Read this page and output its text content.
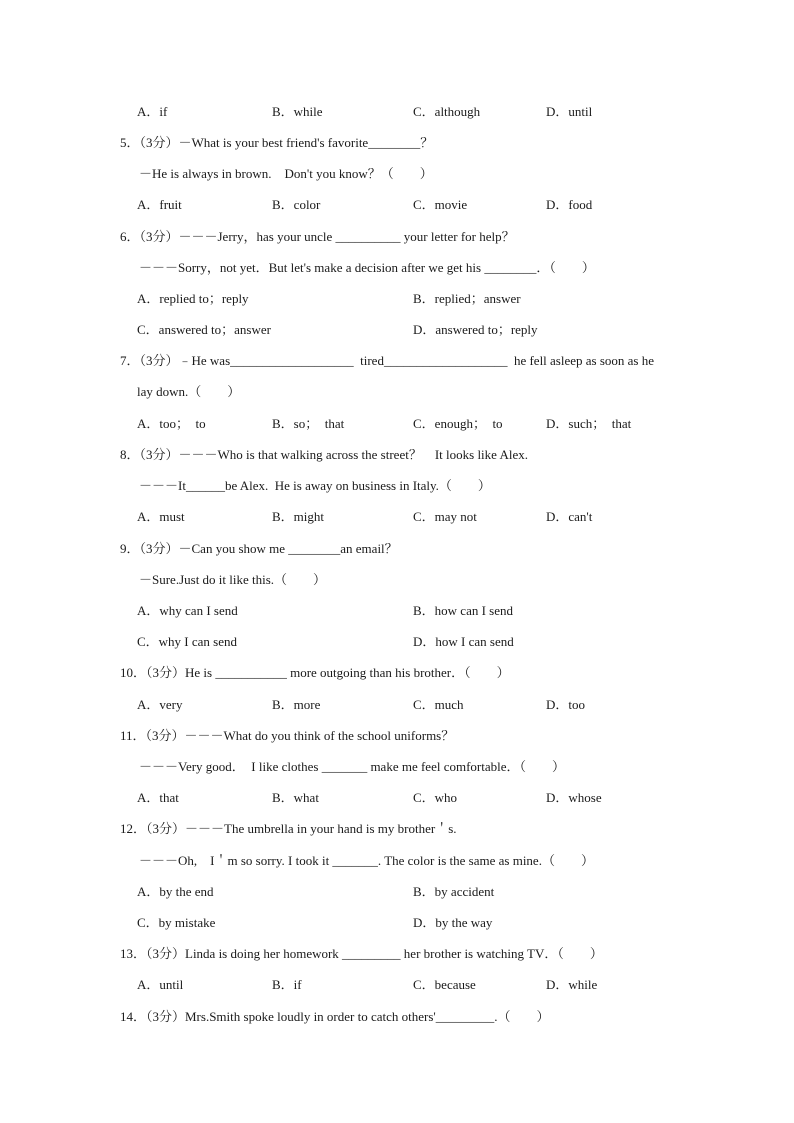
A．if	B．while	C．although	D．until
5．（3分）－What is your best friend's favorite________？
－He is always in brown.　Don't you know？（　　）
A．fruit	B．color	C．movie	D．food
6．（3分）－－－Jerry，has your uncle __________ your letter for help？
－－－Sorry，not yet．But let's make a decision after we get his ________．（　　）
A．replied to；reply	B．replied；answer
C．answered to；answer	D．answered to；reply
7．（3分）﹣He was___________________  tired___________________  he fell asleep as soon as he
lay down.（　　）
A．too；　to	B．so；　that	C．enough；　to	D．such；　that
8．（3分）－－－Who is that walking across the street？　It looks like Alex.
－－－It______be Alex.  He is away on business in Italy.（　　）
A．must	B．might	C．may not	D．can't
9．（3分）－Can you show me ________an email？
－Sure.Just do it like this.（　　）
A．why can I send	B．how can I send
C．why I can send	D．how I can send
10．（3分）He is ___________ more outgoing than his brother．（　　）
A．very	B．more	C．much	D．too
11．（3分）－－－What do you think of the school uniforms？
－－－Very good．  I like clothes _______ make me feel comfortable．（　　）
A．that	B．what	C．who	D．whose
12．（3分）－－－The umbrella in your hand is my brother＇s.
－－－Oh,　I＇m so sorry. I took it _______. The color is the same as mine.（　　）
A．by the end	B．by accident
C．by mistake	D．by the way
13．（3分）Linda is doing her homework _________ her brother is watching TV．（　　）
A．until	B．if	C．because	D．while
14．（3分）Mrs.Smith spoke loudly in order to catch others'_________.（　　）
